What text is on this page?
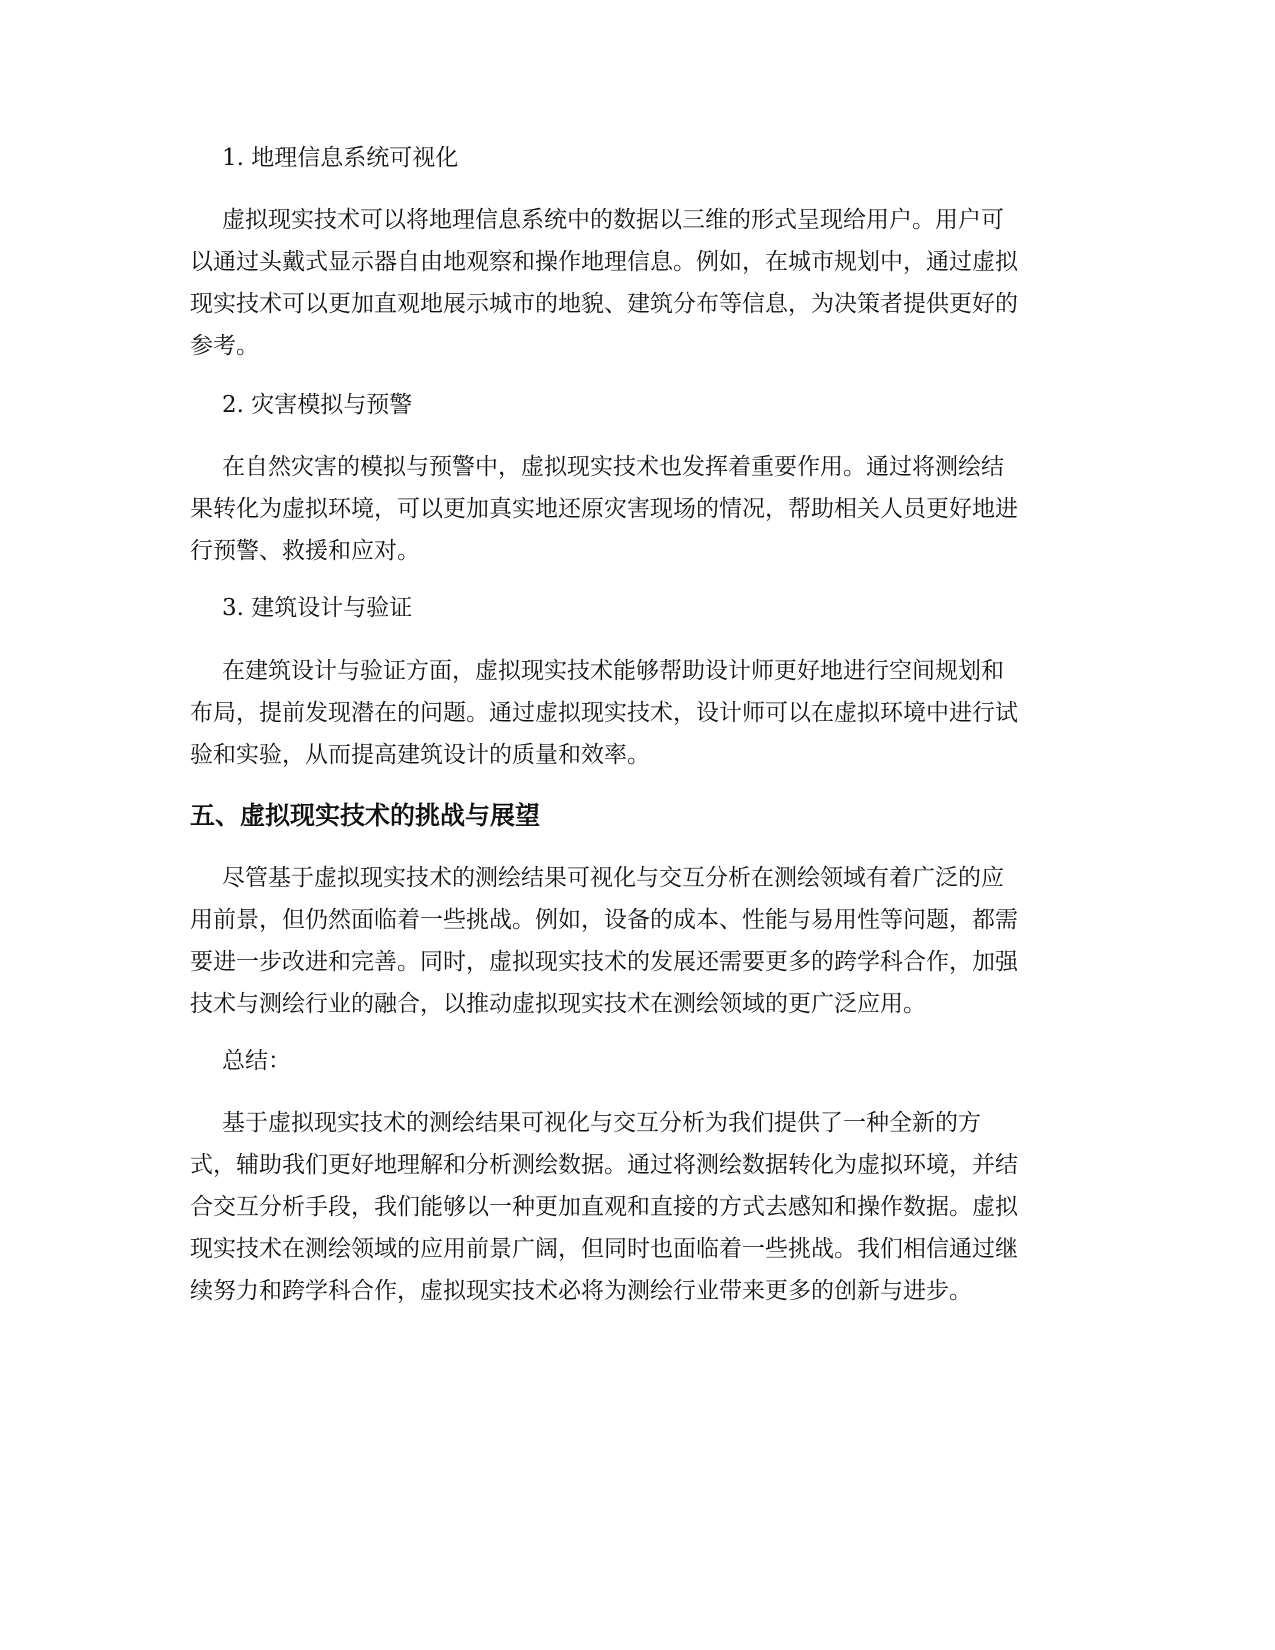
1. 地理信息系统可视化
虚拟现实技术可以将地理信息系统中的数据以三维的形式呈现给用户。用户可
以通过头戴式显示器自由地观察和操作地理信息。例如，在城市规划中，通过虚拟
现实技术可以更加直观地展示城市的地貌、建筑分布等信息，为决策者提供更好的
参考。
2. 灾害模拟与预警
在自然灾害的模拟与预警中，虚拟现实技术也发挥着重要作用。通过将测绘结
果转化为虚拟环境，可以更加真实地还原灾害现场的情况，帮助相关人员更好地进
行预警、救援和应对。
3. 建筑设计与验证
在建筑设计与验证方面，虚拟现实技术能够帮助设计师更好地进行空间规划和
布局，提前发现潜在的问题。通过虚拟现实技术，设计师可以在虚拟环境中进行试
验和实验，从而提高建筑设计的质量和效率。
五、虚拟现实技术的挑战与展望
尽管基于虚拟现实技术的测绘结果可视化与交互分析在测绘领域有着广泛的应
用前景，但仍然面临着一些挑战。例如，设备的成本、性能与易用性等问题，都需
要进一步改进和完善。同时，虚拟现实技术的发展还需要更多的跨学科合作，加强
技术与测绘行业的融合，以推动虚拟现实技术在测绘领域的更广泛应用。
总结：
基于虚拟现实技术的测绘结果可视化与交互分析为我们提供了一种全新的方
式，辅助我们更好地理解和分析测绘数据。通过将测绘数据转化为虚拟环境，并结
合交互分析手段，我们能够以一种更加直观和直接的方式去感知和操作数据。虚拟
现实技术在测绘领域的应用前景广阔，但同时也面临着一些挑战。我们相信通过继
续努力和跨学科合作，虚拟现实技术必将为测绘行业带来更多的创新与进步。
